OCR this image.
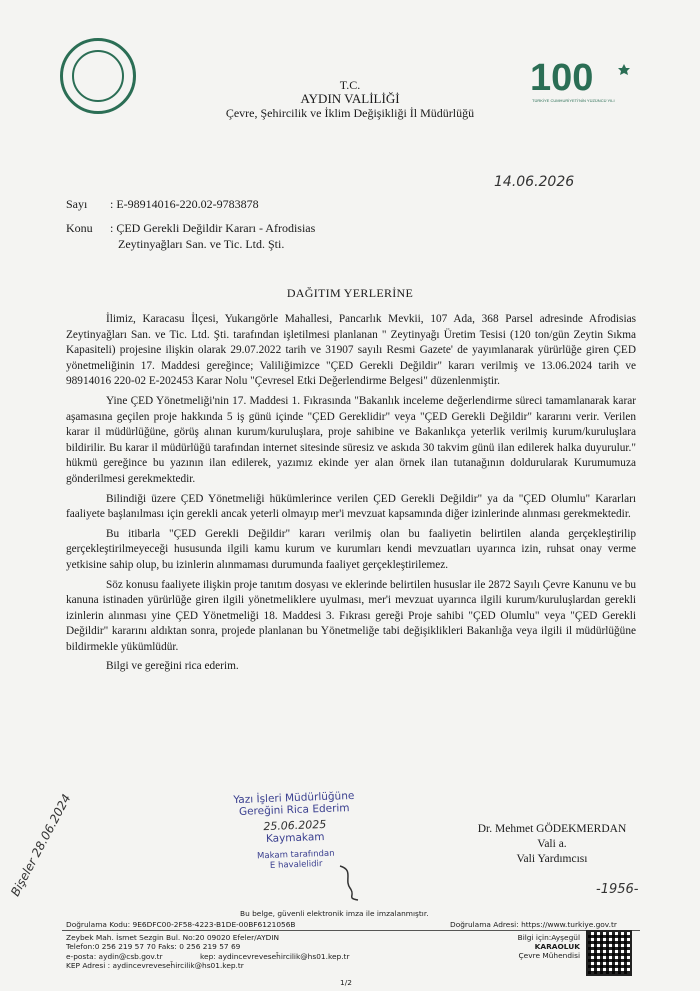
100
TÜRKİYE CUMHURİYETİ'NİN YÜZÜNCÜ YILI
T.C.
AYDIN VALİLİĞİ
Çevre, Şehircilik ve İklim Değişikliği İl Müdürlüğü
14.06.2026
Sayı : E-98914016-220.02-9783878
Konu : ÇED Gerekli Değildir Kararı - Afrodisias
Zeytinyağları San. ve Tic. Ltd. Şti.
DAĞITIM YERLERİNE

İlimiz, Karacasu İlçesi, Yukarıgörle Mahallesi, Pancarlık Mevkii, 107 Ada, 368 Parsel adresinde Afrodisias Zeytinyağları San. ve Tic. Ltd. Şti. tarafından işletilmesi planlanan " Zeytinyağı Üretim Tesisi (120 ton/gün Zeytin Sıkma Kapasiteli) projesine ilişkin olarak 29.07.2022 tarih ve 31907 sayılı Resmi Gazete' de yayımlanarak yürürlüğe giren ÇED yönetmeliğinin 17. Maddesi gereğince; Valiliğimizce "ÇED Gerekli Değildir" kararı verilmiş ve 13.06.2024 tarih ve 98914016 220-02 E-202453 Karar Nolu "Çevresel Etki Değerlendirme Belgesi" düzenlenmiştir.

Yine ÇED Yönetmeliği'nin 17. Maddesi 1. Fıkrasında "Bakanlık inceleme değerlendirme süreci tamamlanarak karar aşamasına geçilen proje hakkında 5 iş günü içinde "ÇED Gereklidir" veya "ÇED Gerekli Değildir" kararını verir. Verilen karar il müdürlüğüne, görüş alınan kurum/kuruluşlara, proje sahibine ve Bakanlıkça yeterlik verilmiş kurum/kuruluşlara bildirilir. Bu karar il müdürlüğü tarafından internet sitesinde süresiz ve askıda 30 takvim günü ilan edilerek halka duyurulur." hükmü gereğince bu yazının ilan edilerek, yazımız ekinde yer alan örnek ilan tutanağının doldurularak Kurumumuza gönderilmesi gerekmektedir.

Bilindiği üzere ÇED Yönetmeliği hükümlerince verilen ÇED Gerekli Değildir" ya da "ÇED Olumlu" Kararları faaliyete başlanılması için gerekli ancak yeterli olmayıp mer'i mevzuat kapsamında diğer izinlerinde alınması gerekmektedir.

Bu itibarla "ÇED Gerekli Değildir" kararı verilmiş olan bu faaliyetin belirtilen alanda gerçekleştirilip gerçekleştirilmeyeceği hususunda ilgili kamu kurum ve kurumları kendi mevzuatları uyarınca izin, ruhsat onay verme yetkisine sahip olup, bu izinlerin alınmaması durumunda faaliyet gerçekleştirilemez.

Söz konusu faaliyete ilişkin proje tanıtım dosyası ve eklerinde belirtilen hususlar ile 2872 Sayılı Çevre Kanunu ve bu kanuna istinaden yürürlüğe giren ilgili yönetmeliklere uyulması, mer'i mevzuat uyarınca ilgili kurum/kuruluşlardan gerekli izinlerin alınması yine ÇED Yönetmeliği 18. Maddesi 3. Fıkrası gereği Proje sahibi "ÇED Olumlu" veya "ÇED Gerekli Değildir" kararını aldıktan sonra, projede planlanan bu Yönetmeliğe tabi değişiklikleri Bakanlığa veya ilgili il müdürlüğüne bildirmekle yükümlüdür.

Bilgi ve gereğini rica ederim.

Yazı İşleri Müdürlüğüne
Gereğini Rica Ederim
25.06.2025
Kaymakam
Makam tarafından
E havalelidir
Dr. Mehmet GÖDEKMERDAN
Vali a.
Vali Yardımcısı
Bişeler 28.06.2024	-1956-
Bu belge, güvenli elektronik imza ile imzalanmıştır.
Doğrulama Kodu: 9E6DFC00-2F58-4223-B1DE-00BF6121056B	Doğrulama Adresi: https://www.turkiye.gov.tr
Zeybek Mah. İsmet Sezgin Bul. No:20 09020 Efeler/AYDIN
Telefon:0 256 219 57 70 Faks: 0 256 219 57 69
e-posta: aydin@csb.gov.tr	kep: aydincevreveseh̄ircilik@hs01.kep.tr
KEP Adresi : aydincevreveseh̄ircilik@hs01.kep.tr
Bilgi için:Ayşegül
KARAOLUK
Çevre Mühendisi
1/2
